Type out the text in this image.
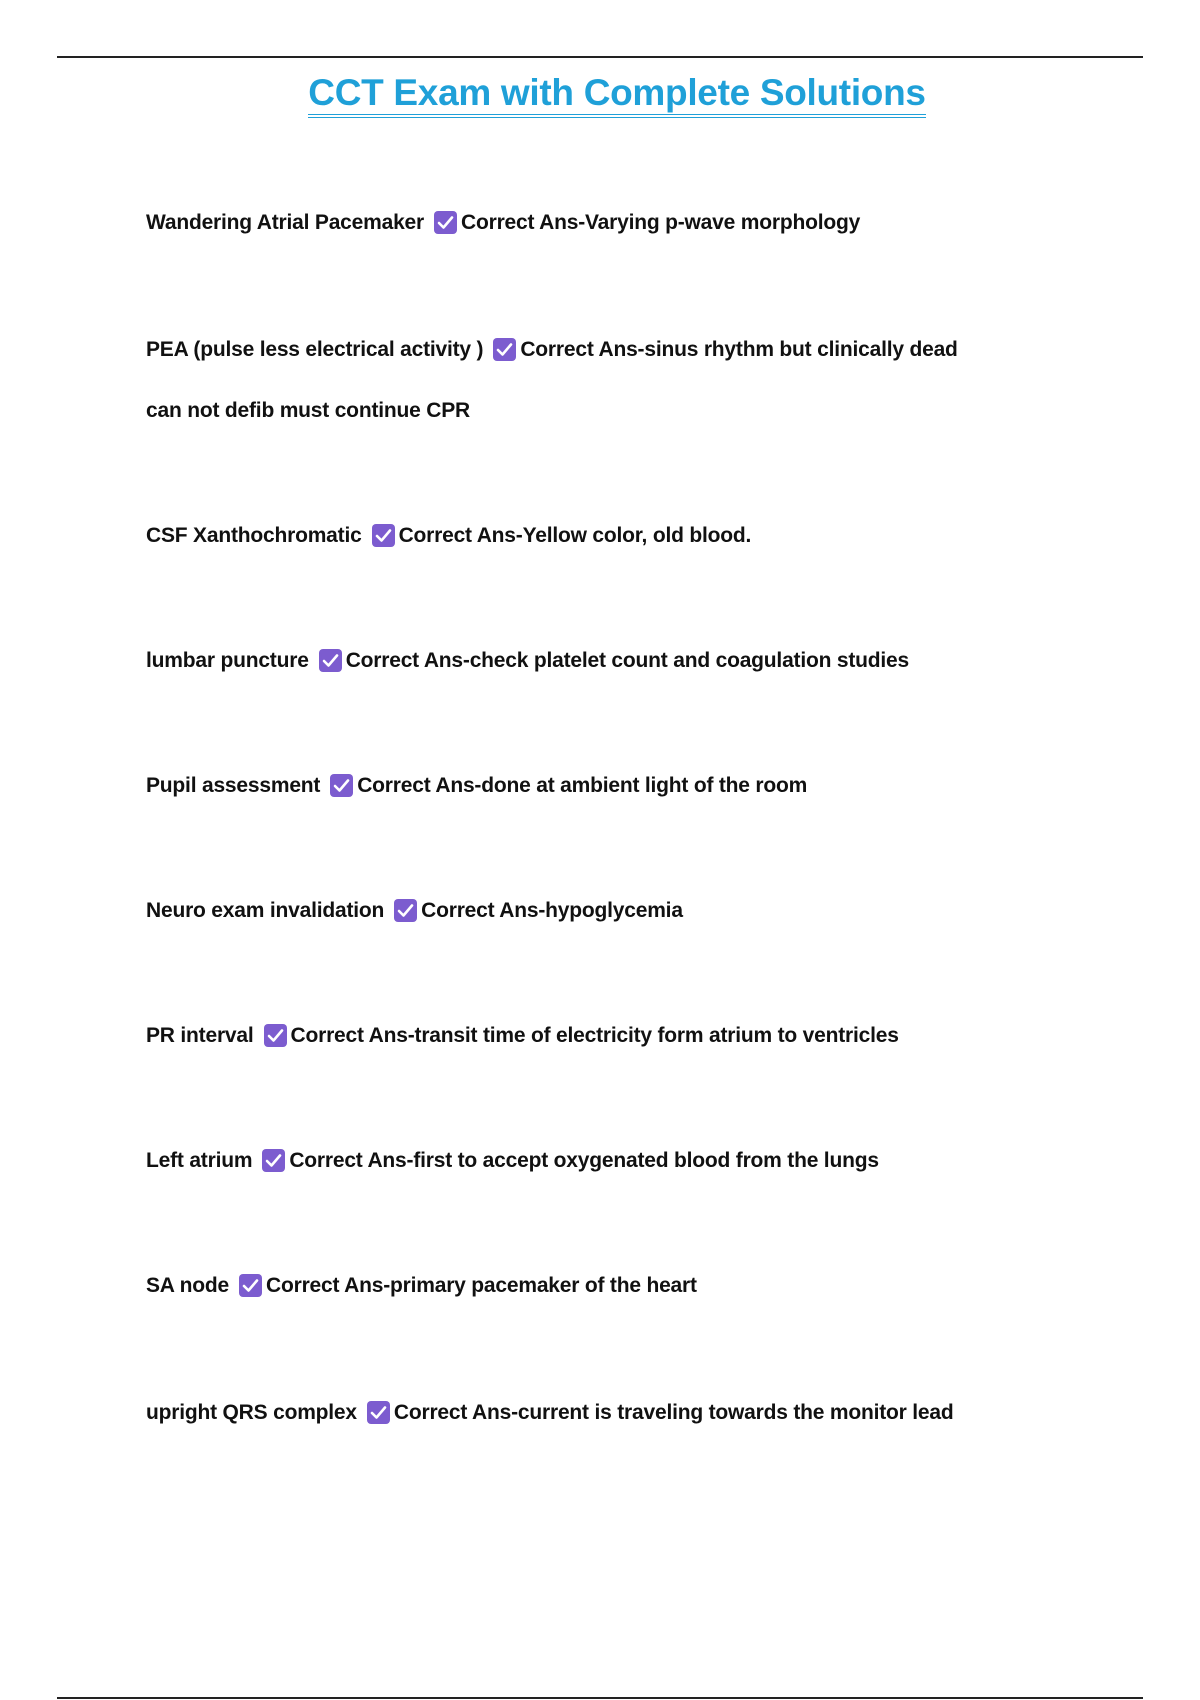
CCT Exam with Complete Solutions
Wandering Atrial Pacemaker Correct Ans-Varying p-wave morphology
PEA (pulse less electrical activity ) Correct Ans-sinus rhythm but clinically dead
can not defib must continue CPR
CSF Xanthochromatic Correct Ans-Yellow color, old blood.
lumbar puncture Correct Ans-check platelet count and coagulation studies
Pupil assessment Correct Ans-done at ambient light of the room
Neuro exam invalidation Correct Ans-hypoglycemia
PR interval Correct Ans-transit time of electricity form atrium to ventricles
Left atrium Correct Ans-first to accept oxygenated blood from the lungs
SA node Correct Ans-primary pacemaker of the heart
upright QRS complex Correct Ans-current is traveling towards the monitor lead
